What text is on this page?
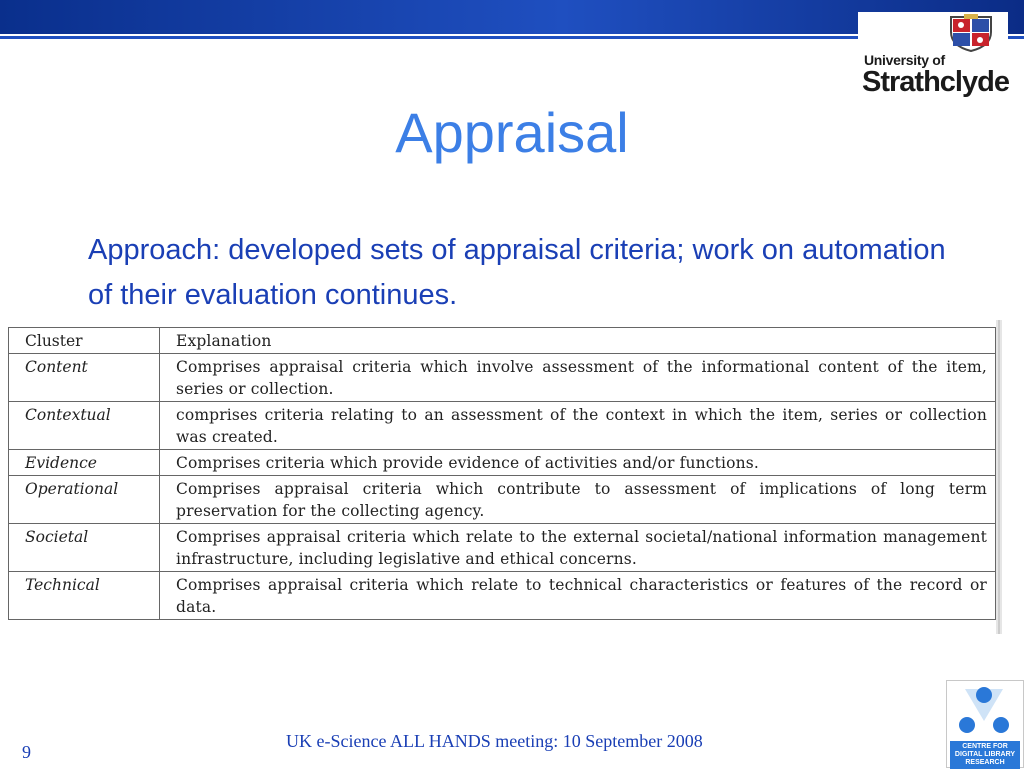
University of
Strathclyde
Appraisal
Approach: developed sets of appraisal criteria; work on automation of their evaluation continues.
Cluster	Explanation
Content	Comprises appraisal criteria which involve assessment of the informational content of the item, series or collection.
Contextual	comprises criteria relating to an assessment of the context in which the item, series or collection was created.
Evidence	Comprises criteria which provide evidence of activities and/or functions.
Operational	Comprises appraisal criteria which contribute to assessment of implications of long term preservation for the collecting agency.
Societal	Comprises appraisal criteria which relate to the external societal/national information management infrastructure, including legislative and ethical concerns.
Technical	Comprises appraisal criteria which relate to technical characteristics or features of the record or data.
UK e-Science ALL HANDS meeting: 10 September 2008
9	CENTRE FOR DIGITAL LIBRARY RESEARCH
